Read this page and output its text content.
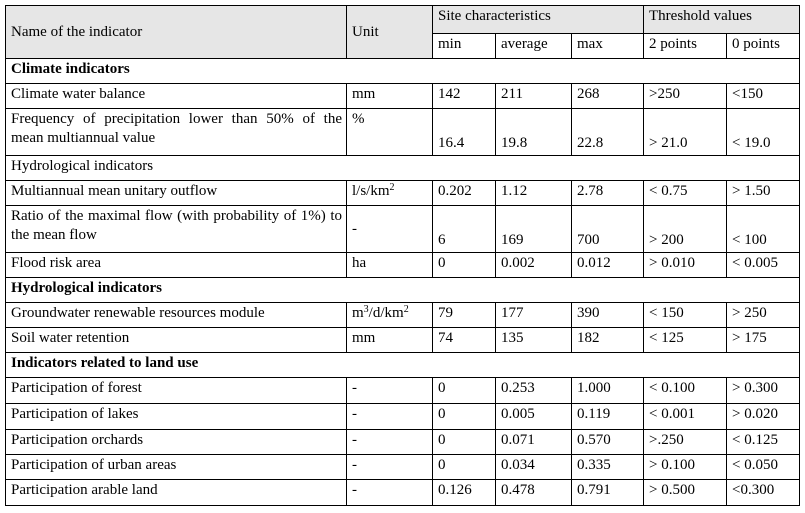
Name of the indicator	Unit	Site characteristics			Threshold values	
		min	average	max	2 points	0 points
Climate indicators						
Climate water balance	mm	142	211	268	>250	<150
Frequency of precipitation lower than 50% of the mean multiannual value	%	16.4	19.8	22.8	> 21.0	< 19.0
Hydrological indicators						
Multiannual mean unitary outflow	$l/s/km^2$	0.202	1.12	2.78	< 0.75	> 1.50
Ratio of the maximal flow (with probability of 1%) to the mean flow	-	6	169	700	> 200	< 100
Flood risk area	ha	0	0.002	0.012	> 0.010	< 0.005
Hydrological indicators						
Groundwater renewable resources module	$m^3/d/km^2$	79	177	390	< 150	> 250
Soil water retention	mm	74	135	182	< 125	> 175
Indicators related to land use						
Participation of forest	-	0	0.253	1.000	< 0.100	> 0.300
Participation of lakes	-	0	0.005	0.119	< 0.001	> 0.020
Participation orchards	-	0	0.071	0.570	>.250	< 0.125
Participation of urban areas	-	0	0.034	0.335	> 0.100	< 0.050
Participation arable land	-	0.126	0.478	0.791	> 0.500	<0.300
